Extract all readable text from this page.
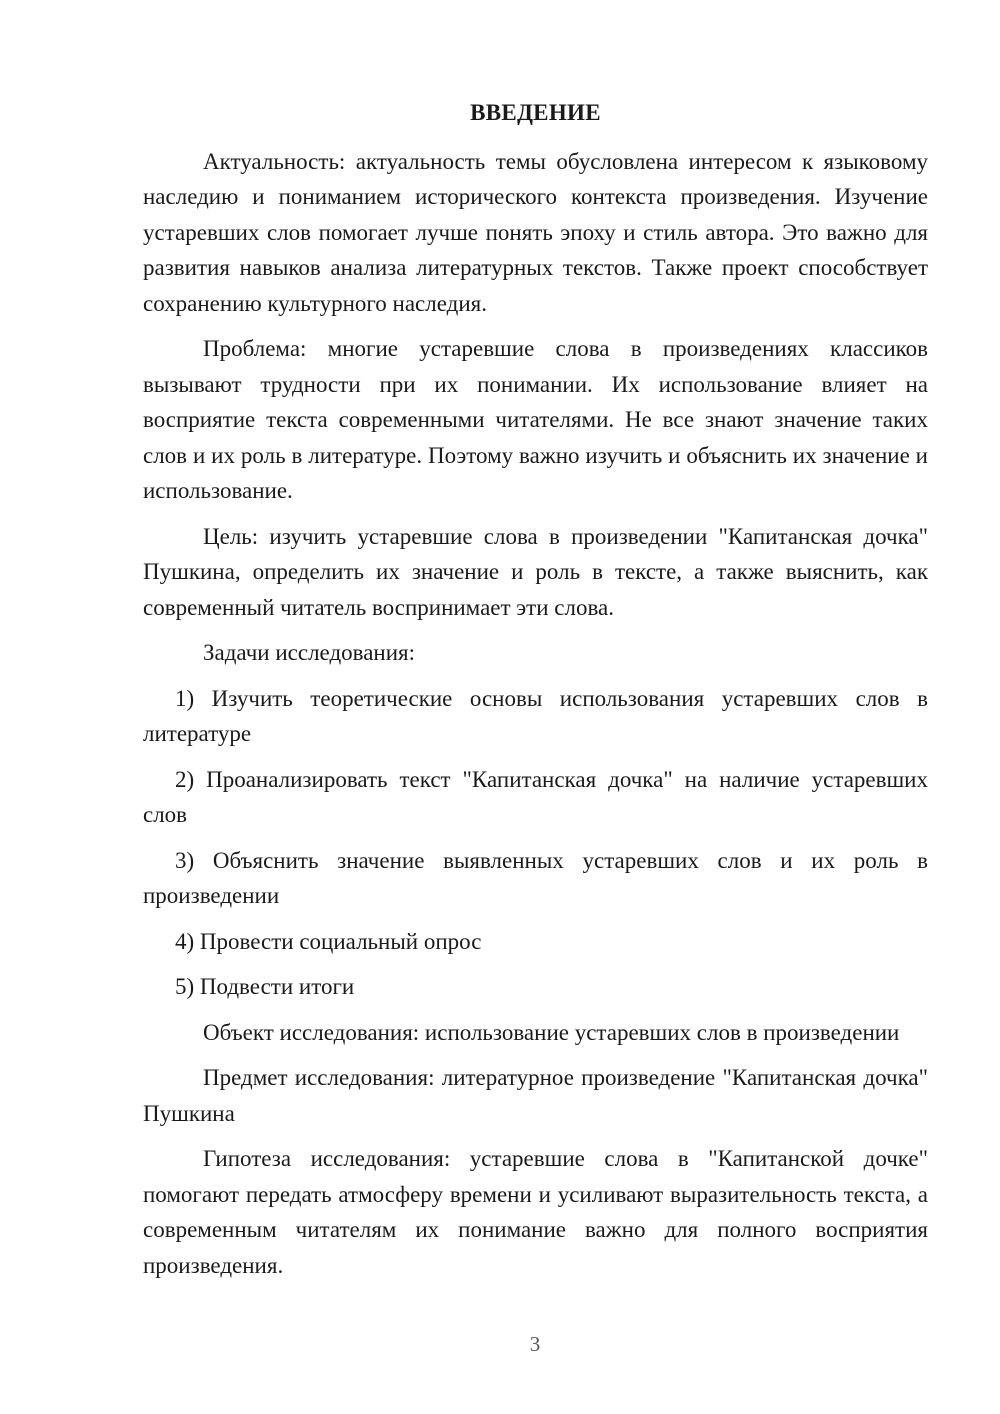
ВВЕДЕНИЕ

Актуальность: актуальность темы обусловлена интересом к языковому наследию и пониманием исторического контекста произведения. Изучение устаревших слов помогает лучше понять эпоху и стиль автора. Это важно для развития навыков анализа литературных текстов. Также проект способствует сохранению культурного наследия.

Проблема: многие устаревшие слова в произведениях классиков вызывают трудности при их понимании. Их использование влияет на восприятие текста современными читателями. Не все знают значение таких слов и их роль в литературе. Поэтому важно изучить и объяснить их значение и использование.

Цель: изучить устаревшие слова в произведении "Капитанская дочка" Пушкина, определить их значение и роль в тексте, а также выяснить, как современный читатель воспринимает эти слова.

Задачи исследования:

1) Изучить теоретические основы использования устаревших слов в литературе

2) Проанализировать текст "Капитанская дочка" на наличие устаревших слов

3) Объяснить значение выявленных устаревших слов и их роль в произведении

4) Провести социальный опрос

5) Подвести итоги

Объект исследования: использование устаревших слов в произведении

Предмет исследования: литературное произведение "Капитанская дочка" Пушкина

Гипотеза исследования: устаревшие слова в "Капитанской дочке" помогают передать атмосферу времени и усиливают выразительность текста, а современным читателям их понимание важно для полного восприятия произведения.

3
